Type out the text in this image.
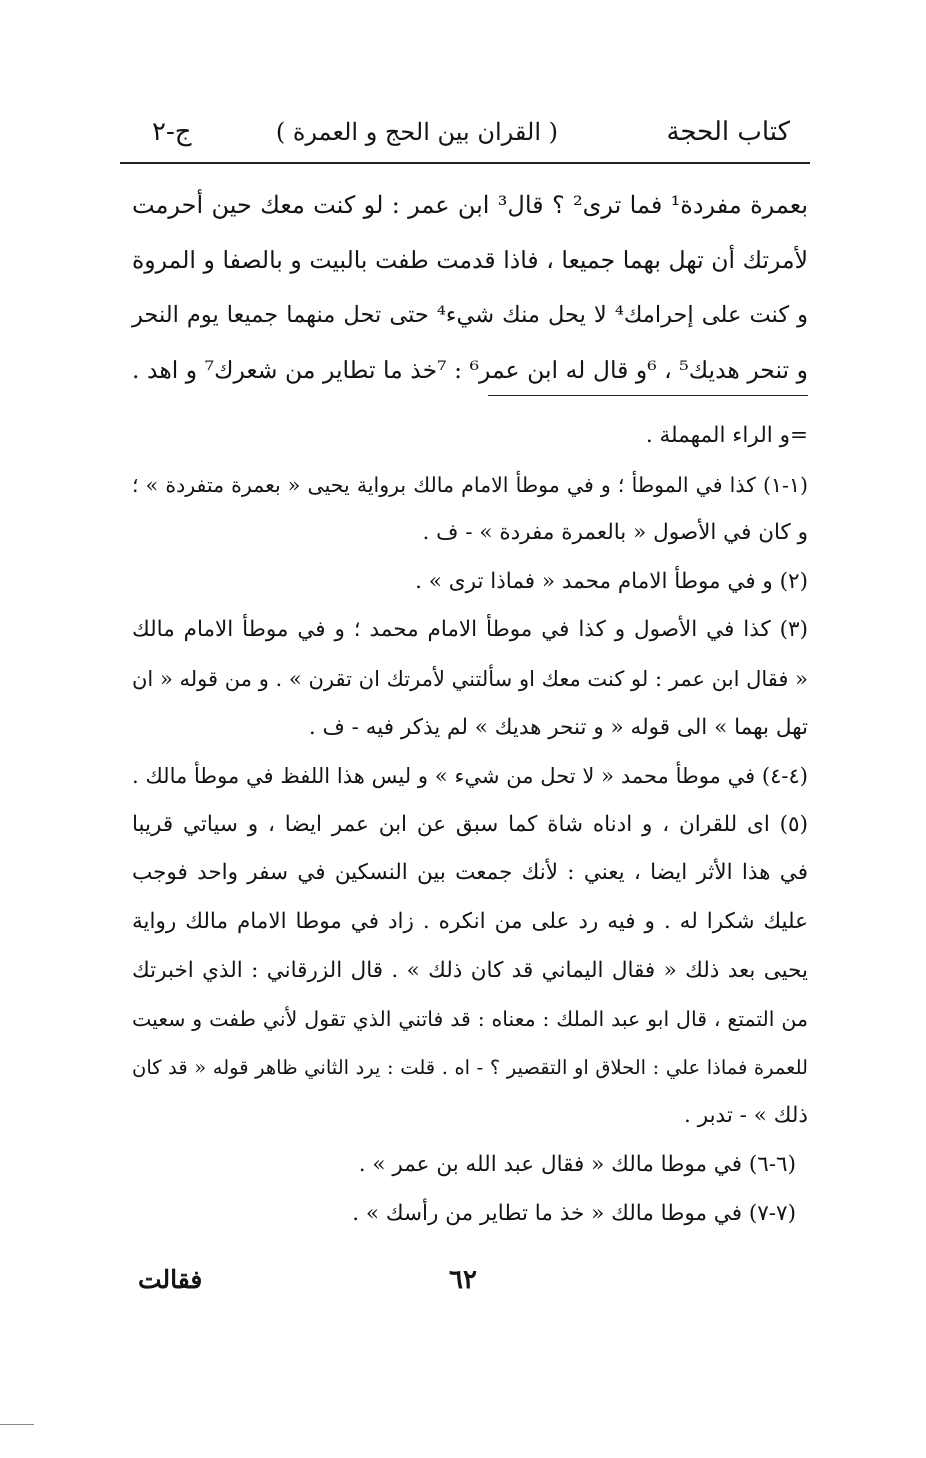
كتاب الحجة
( القران بين الحج و العمرة )
ج-٢
بعمرة مفردة¹ فما ترى² ؟ قال³ ابن عمر : لو كنت معك حين أحرمت
لأمرتك أن تهل بهما جميعا ، فاذا قدمت طفت بالبيت و بالصفا و المروة
و كنت على إحرامك⁴ لا يحل منك شيء⁴ حتى تحل منهما جميعا يوم النحر
و تنحر هديك⁵ ، ⁶و قال له ابن عمر⁶ : ⁷خذ ما تطاير من شعرك⁷ و اهد .
=و الراء المهملة .
(١-١) كذا في الموطأ ؛ و في موطأ الامام مالك برواية يحيى « بعمرة متفردة » ؛
و كان في الأصول « بالعمرة مفردة » - ف .
(٢) و في موطأ الامام محمد « فماذا ترى » .
(٣) كذا في الأصول و كذا في موطأ الامام محمد ؛ و في موطأ الامام مالك
« فقال ابن عمر : لو كنت معك او سألتني لأمرتك ان تقرن » . و من قوله « ان
تهل بهما » الى قوله « و تنحر هديك » لم يذكر فيه - ف .
(٤-٤) في موطأ محمد « لا تحل من شيء » و ليس هذا اللفظ في موطأ مالك .
(٥) اى للقران ، و ادناه شاة كما سبق عن ابن عمر ايضا ، و سياتي قريبا
في هذا الأثر ايضا ، يعني : لأنك جمعت بين النسكين في سفر واحد فوجب
عليك شكرا له . و فيه رد على من انكره . زاد في موطا الامام مالك رواية
يحيى بعد ذلك « فقال اليماني قد كان ذلك » . قال الزرقاني : الذي اخبرتك
من التمتع ، قال ابو عبد الملك : معناه : قد فاتني الذي تقول لأني طفت و سعيت
للعمرة فماذا علي : الحلاق او التقصير ؟ - اه . قلت : يرد الثاني ظاهر قوله « قد كان
ذلك » - تدبر .
(٦-٦) في موطا مالك « فقال عبد الله بن عمر » .
(٧-٧) في موطا مالك « خذ ما تطاير من رأسك » .
٦٢
فقالت
